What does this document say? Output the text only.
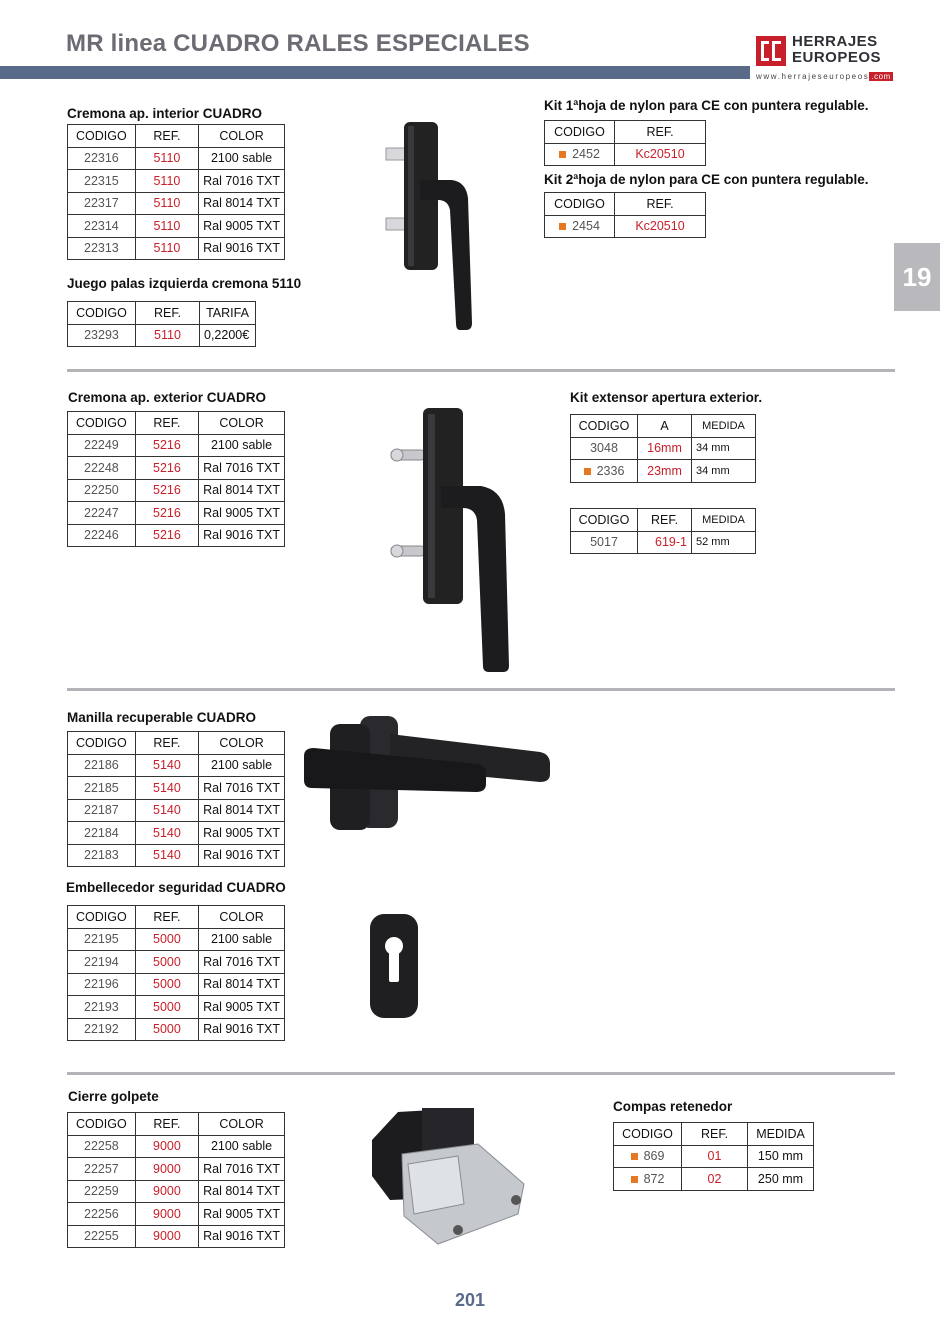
MR linea CUADRO RALES ESPECIALES	HERRAJES
EUROPEOS
www.herrajeseuropeos .com
19
Cremona ap. interior CUADRO
CODIGO	REF.	COLOR
22316	5110	2100 sable
22315	5110	Ral 7016 TXT
22317	5110	Ral 8014 TXT
22314	5110	Ral 9005 TXT
22313	5110	Ral 9016 TXT
Juego palas izquierda cremona 5110
CODIGO	REF.	TARIFA
23293	5110	0,2200€
Kit 1ªhoja de nylon para CE con puntera regulable.
CODIGO	REF.
2452	Kc20510
Kit 2ªhoja de nylon para CE con puntera regulable.
CODIGO	REF.
2454	Kc20510
Cremona ap. exterior CUADRO
CODIGO	REF.	COLOR
22249	5216	2100 sable
22248	5216	Ral 7016 TXT
22250	5216	Ral 8014 TXT
22247	5216	Ral 9005 TXT
22246	5216	Ral 9016 TXT
Kit extensor apertura exterior.
CODIGO	A	MEDIDA
3048	16mm	34 mm
2336	23mm	34 mm
CODIGO	REF.	MEDIDA
5017	619-1	52 mm
Manilla recuperable CUADRO
CODIGO	REF.	COLOR
22186	5140	2100 sable
22185	5140	Ral 7016 TXT
22187	5140	Ral 8014 TXT
22184	5140	Ral 9005 TXT
22183	5140	Ral 9016 TXT
Embellecedor seguridad CUADRO
CODIGO	REF.	COLOR
22195	5000	2100 sable
22194	5000	Ral 7016 TXT
22196	5000	Ral 8014 TXT
22193	5000	Ral 9005 TXT
22192	5000	Ral 9016 TXT
Cierre golpete
CODIGO	REF.	COLOR
22258	9000	2100 sable
22257	9000	Ral 7016 TXT
22259	9000	Ral 8014 TXT
22256	9000	Ral 9005 TXT
22255	9000	Ral 9016 TXT
Compas retenedor
CODIGO	REF.	MEDIDA
869	01	150 mm
872	02	250 mm
201
